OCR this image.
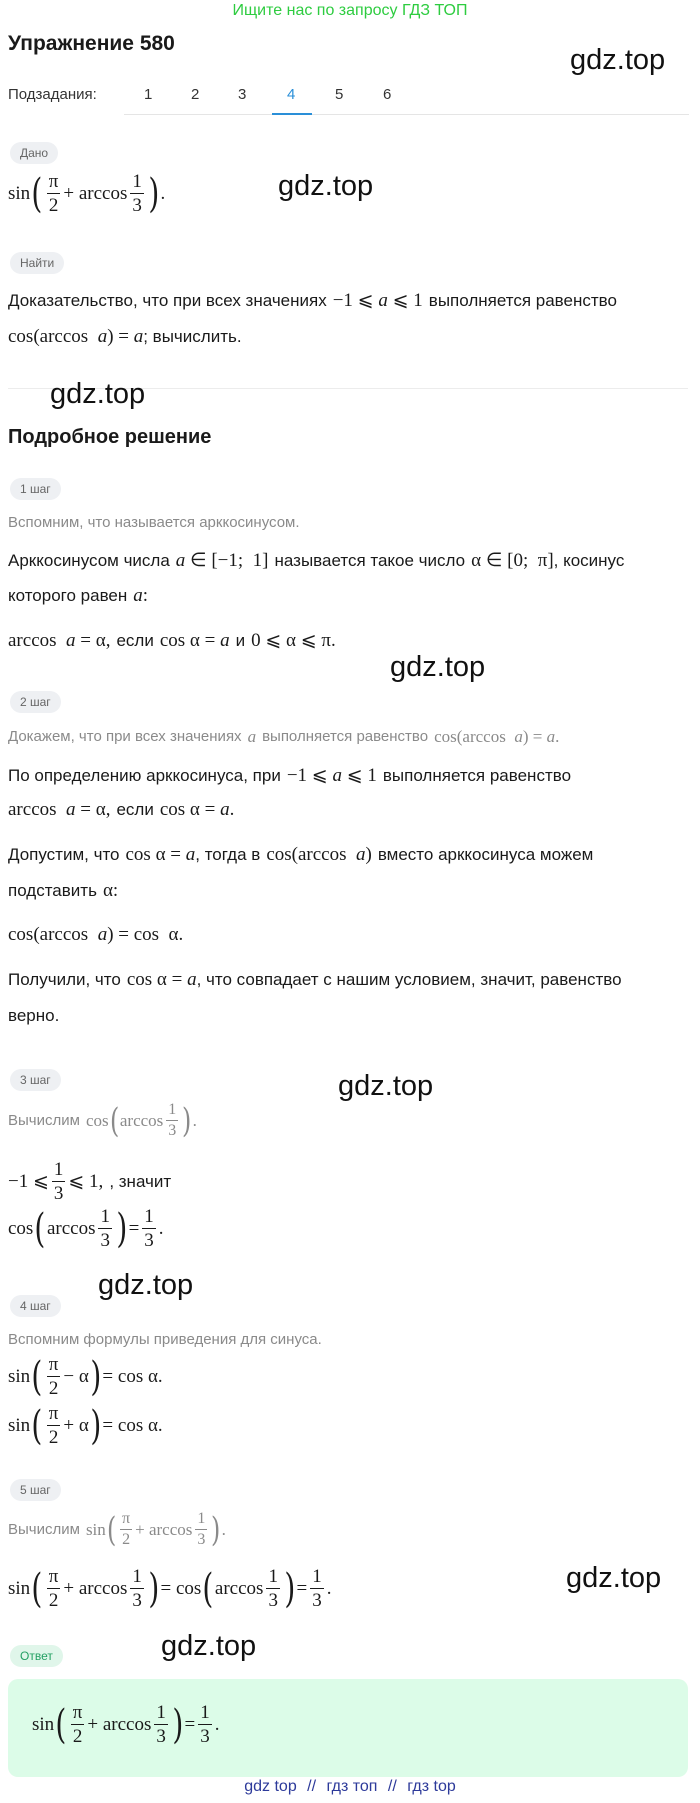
Ищите нас по запросу ГДЗ ТОП
Упражнение 580
gdz.top
Подзадания:	1	2	3	4	5	6
Дано
sin ( $\frac{\pi}{2} + \arccos \frac{1}{3}$ ) .	gdz.top
Найти
Доказательство, что при всех значениях −1 ⩽ a ⩽ 1 выполняется равенство
cos(arccos  a) = a ; вычислить.
gdz.top
Подробное решение
1 шаг
Вспомним, что называется арккосинусом.
Арккосинусом числа a ∈ [−1;  1] называется такое число α ∈ [0;  π] , косинус
которого равен a:
arccos  a = α, если cos α = a и 0 ⩽ α ⩽ π.
gdz.top
2 шаг
Докажем, что при всех значениях a выполняется равенство cos(arccos  a) = a.
По определению арккосинуса, при −1 ⩽ a ⩽ 1 выполняется равенство
arccos  a = α, если cos α = a.
Допустим, что cos α = a , тогда в cos(arccos  a) вместо арккосинуса можем
подставить α:
cos(arccos  a) = cos  α.
Получили, что cos α = a , что совпадает с нашим условием, значит, равенство
верно.
3 шаг	gdz.top
Вычислим cos ( $\arccos \frac{1}{3}$ ) .
−1 ⩽ $\frac{1}{3}$ ⩽ 1, , значит
cos ( $\arccos \frac{1}{3}$ ) = $\frac{1}{3}$ .
gdz.top
4 шаг
Вспомним формулы приведения для синуса.
sin ( $\frac{\pi}{2} - \alpha$ ) = cos α.
sin ( $\frac{\pi}{2} + \alpha$ ) = cos α.
5 шаг
Вычислим sin ( $\frac{\pi}{2} + \arccos \frac{1}{3}$ ) .
sin ( $\frac{\pi}{2} + \arccos \frac{1}{3}$ ) = cos ( $\arccos \frac{1}{3}$ ) = $\frac{1}{3}$ .	gdz.top
gdz.top
Ответ
sin ( $\frac{\pi}{2} + \arccos \frac{1}{3}$ ) = $\frac{1}{3}$ .
gdz top // гдз топ // гдз top
